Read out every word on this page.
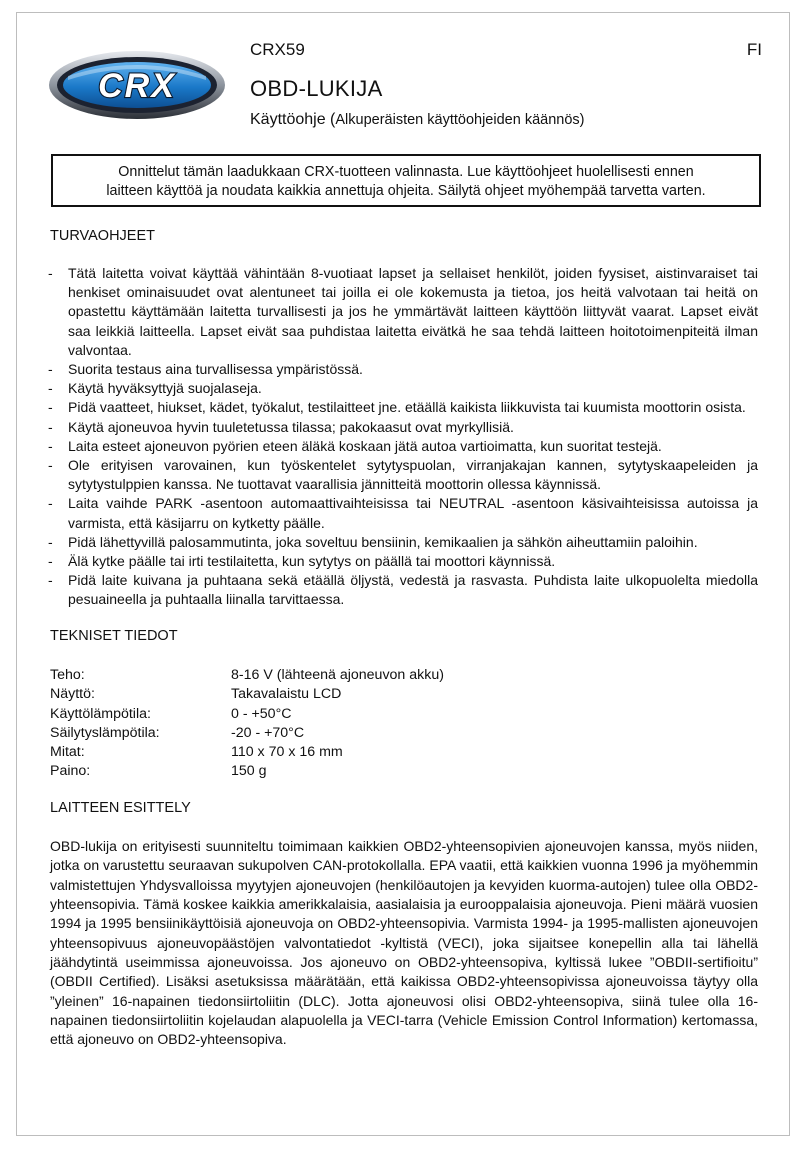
CRX
CRX59	FI
OBD-LUKIJA
Käyttöohje (Alkuperäisten käyttöohjeiden käännös)
Onnittelut tämän laadukkaan CRX-tuotteen valinnasta. Lue käyttöohjeet huolellisesti ennen
laitteen käyttöä ja noudata kaikkia annettuja ohjeita. Säilytä ohjeet myöhempää tarvetta varten.
TURVAOHJEET
- Tätä laitetta voivat käyttää vähintään 8-vuotiaat lapset ja sellaiset henkilöt, joiden fyysiset, aistinvaraiset tai henkiset ominaisuudet ovat alentuneet tai joilla ei ole kokemusta ja tietoa, jos heitä valvotaan tai heitä on opastettu käyttämään laitetta turvallisesti ja jos he ymmärtävät laitteen käyttöön liittyvät vaarat. Lapset eivät saa leikkiä laitteella. Lapset eivät saa puhdistaa laitetta eivätkä he saa tehdä laitteen hoitotoimenpiteitä ilman valvontaa.
- Suorita testaus aina turvallisessa ympäristössä.
- Käytä hyväksyttyjä suojalaseja.
- Pidä vaatteet, hiukset, kädet, työkalut, testilaitteet jne. etäällä kaikista liikkuvista tai kuumista moottorin osista.
- Käytä ajoneuvoa hyvin tuuletetussa tilassa; pakokaasut ovat myrkyllisiä.
- Laita esteet ajoneuvon pyörien eteen äläkä koskaan jätä autoa vartioimatta, kun suoritat testejä.
- Ole erityisen varovainen, kun työskentelet sytytyspuolan, virranjakajan kannen, sytytyskaapeleiden ja sytytystulppien kanssa. Ne tuottavat vaarallisia jännitteitä moottorin ollessa käynnissä.
- Laita vaihde PARK -asentoon automaattivaihteisissa tai NEUTRAL -asentoon käsivaihteisissa autoissa ja varmista, että käsijarru on kytketty päälle.
- Pidä lähettyvillä palosammutinta, joka soveltuu bensiinin, kemikaalien ja sähkön aiheuttamiin paloihin.
- Älä kytke päälle tai irti testilaitetta, kun sytytys on päällä tai moottori käynnissä.
- Pidä laite kuivana ja puhtaana sekä etäällä öljystä, vedestä ja rasvasta. Puhdista laite ulkopuolelta miedolla pesuaineella ja puhtaalla liinalla tarvittaessa.
TEKNISET TIEDOT
Teho:	8-16 V (lähteenä ajoneuvon akku)
Näyttö:	Takavalaistu LCD
Käyttölämpötila:	0 - +50°C
Säilytyslämpötila:	-20 - +70°C
Mitat:	110 x 70 x 16 mm
Paino:	150 g
LAITTEEN ESITTELY

OBD-lukija on erityisesti suunniteltu toimimaan kaikkien OBD2-yhteensopivien ajoneuvojen kanssa, myös niiden, jotka on varustettu seuraavan sukupolven CAN-protokollalla. EPA vaatii, että kaikkien vuonna 1996 ja myöhemmin valmistettujen Yhdysvalloissa myytyjen ajoneuvojen (henkilöautojen ja kevyiden kuorma-autojen) tulee olla OBD2-yhteensopivia. Tämä koskee kaikkia amerikkalaisia, aasialaisia ja eurooppalaisia ajoneuvoja. Pieni määrä vuosien 1994 ja 1995 bensiinikäyttöisiä ajoneuvoja on OBD2-yhteensopivia. Varmista 1994- ja 1995-mallisten ajoneuvojen yhteensopivuus ajoneuvopäästöjen valvontatiedot -kyltistä (VECI), joka sijaitsee konepellin alla tai lähellä jäähdytintä useimmissa ajoneuvoissa. Jos ajoneuvo on OBD2-yhteensopiva, kyltissä lukee ”OBDII-sertifioitu” (OBDII Certified). Lisäksi asetuksissa määrätään, että kaikissa OBD2-yhteensopivissa ajoneuvoissa täytyy olla ”yleinen” 16-napainen tiedonsiirtoliitin (DLC). Jotta ajoneuvosi olisi OBD2-yhteensopiva, siinä tulee olla 16-napainen tiedonsiirtoliitin kojelaudan alapuolella ja VECI-tarra (Vehicle Emission Control Information) kertomassa, että ajoneuvo on OBD2-yhteensopiva.
